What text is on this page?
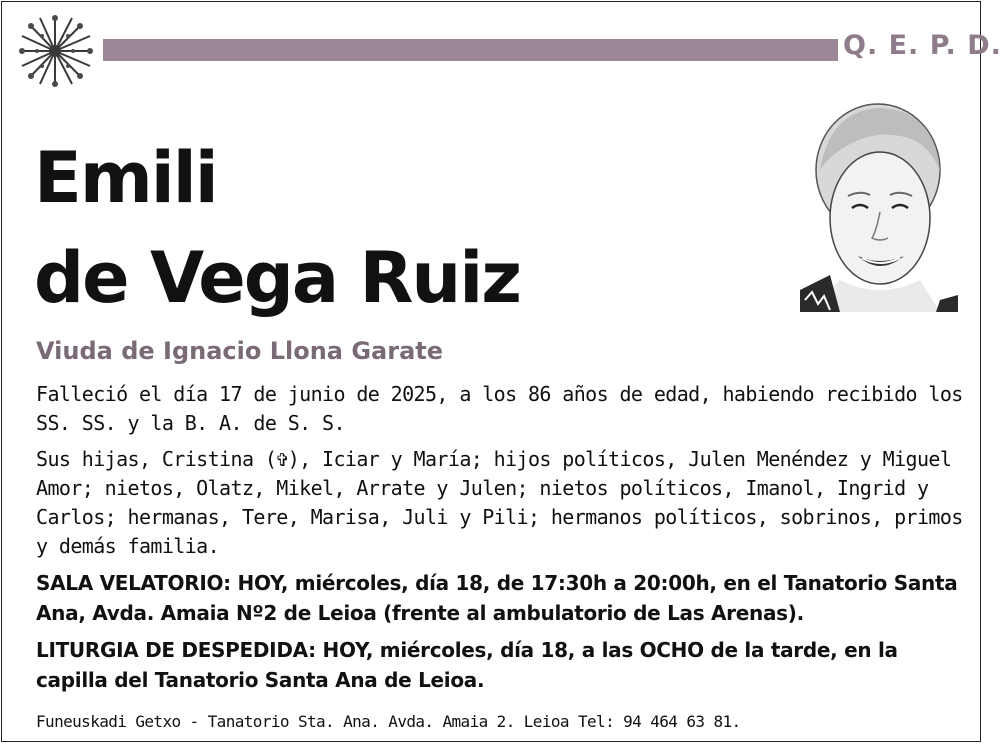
Q. E. P. D.
Emili
de Vega Ruiz
Viuda de Ignacio Llona Garate

Falleció el día 17 de junio de 2025, a los 86 años de edad, habiendo recibido los SS. SS. y la B. A. de S. S.

Sus hijas, Cristina (✞), Iciar y María; hijos políticos, Julen Menéndez y Miguel Amor; nietos, Olatz, Mikel, Arrate y Julen; nietos políticos, Imanol, Ingrid y Carlos; hermanas, Tere, Marisa, Juli y Pili; hermanos políticos, sobrinos, primos y demás familia.

SALA VELATORIO: HOY, miércoles, día 18, de 17:30h a 20:00h, en el Tanatorio Santa Ana, Avda. Amaia Nº2 de Leioa (frente al ambulatorio de Las Arenas).

LITURGIA DE DESPEDIDA: HOY, miércoles, día 18, a las OCHO de la tarde, en la capilla del Tanatorio Santa Ana de Leioa.

Funeuskadi Getxo - Tanatorio Sta. Ana. Avda. Amaia 2. Leioa Tel: 94 464 63 81.
